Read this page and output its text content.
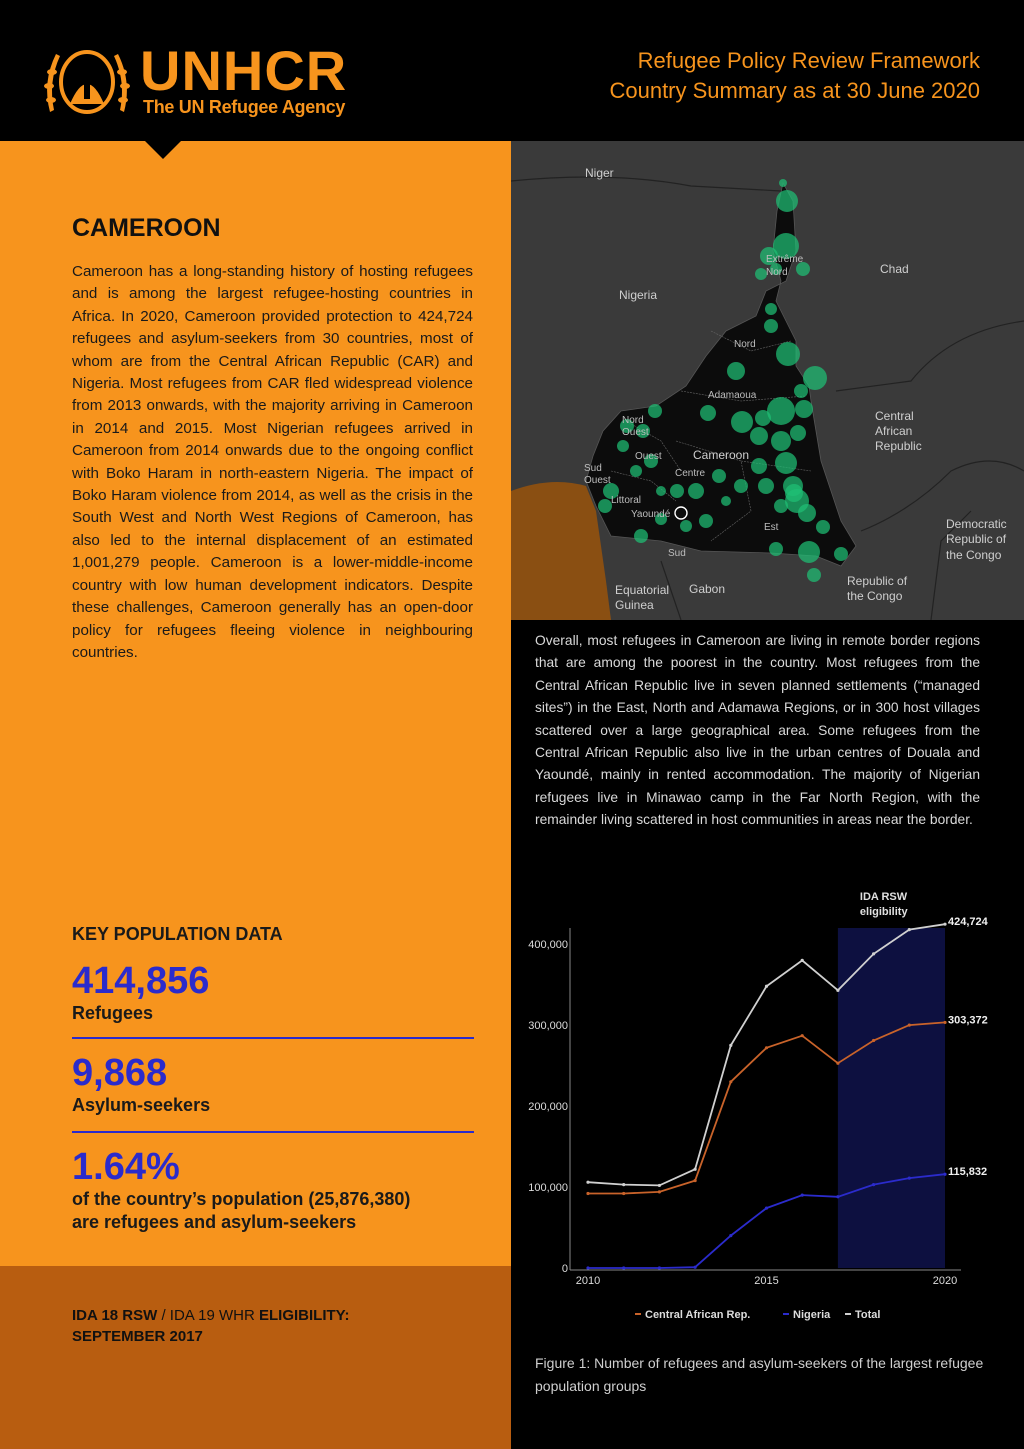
UNHCR
The UN Refugee Agency
Refugee Policy Review Framework
Country Summary as at 30 June 2020
CAMEROON
Cameroon has a long-standing history of hosting refugees and is among the largest refugee-hosting countries in Africa. In 2020, Cameroon provided protection to 424,724 refugees and asylum-seekers from 30 countries, most of whom are from the Central African Republic (CAR) and Nigeria. Most refugees from CAR fled widespread violence from 2013 onwards, with the majority arriving in Cameroon in 2014 and 2015. Most Nigerian refugees arrived in Cameroon from 2014 onwards due to the ongoing conflict with Boko Haram in north-eastern Nigeria. The impact of Boko Haram violence from 2014, as well as the crisis in the South West and North West Regions of Cameroon, has also led to the internal displacement of an estimated 1,001,279 people. Cameroon is a lower-middle-income country with low human development indicators. Despite these challenges, Cameroon generally has an open-door policy for refugees fleeing violence in neighbouring countries.
KEY POPULATION DATA
414,856
Refugees
9,868
Asylum-seekers
1.64%
of the country’s population (25,876,380)
are refugees and asylum-seekers
IDA 18 RSW / IDA 19 WHR ELIGIBILITY:
SEPTEMBER 2017
Niger
Nigeria
Chad
Central
African
Republic
Cameroon
Equatorial
Guinea
Gabon
Republic of
the Congo
Democratic
Republic of
the Congo
Extrême
Nord
Nord
Adamaoua
Nord
Ouest
Ouest
Sud
Ouest
Centre
Littoral
Yaoundé
Est
Sud
Overall, most refugees in Cameroon are living in remote border regions that are among the poorest in the country. Most refugees from the Central African Republic live in seven planned settlements (“managed sites”) in the East, North and Adamawa Regions, or in 300 host villages scattered over a large geographical area. Some refugees from the Central African Republic also live in the urban centres of Douala and Yaoundé, mainly in rented accommodation. The majority of Nigerian refugees live in Minawao camp in the Far North Region, with the remainder living scattered in host communities in areas near the border.
IDA RSW
eligibility
0
100,000
200,000
300,000
400,000
2010	2015	2020
424,724
303,372
115,832
Central African Rep.	Nigeria Total
Figure 1: Number of refugees and asylum-seekers of the largest refugee population groups
